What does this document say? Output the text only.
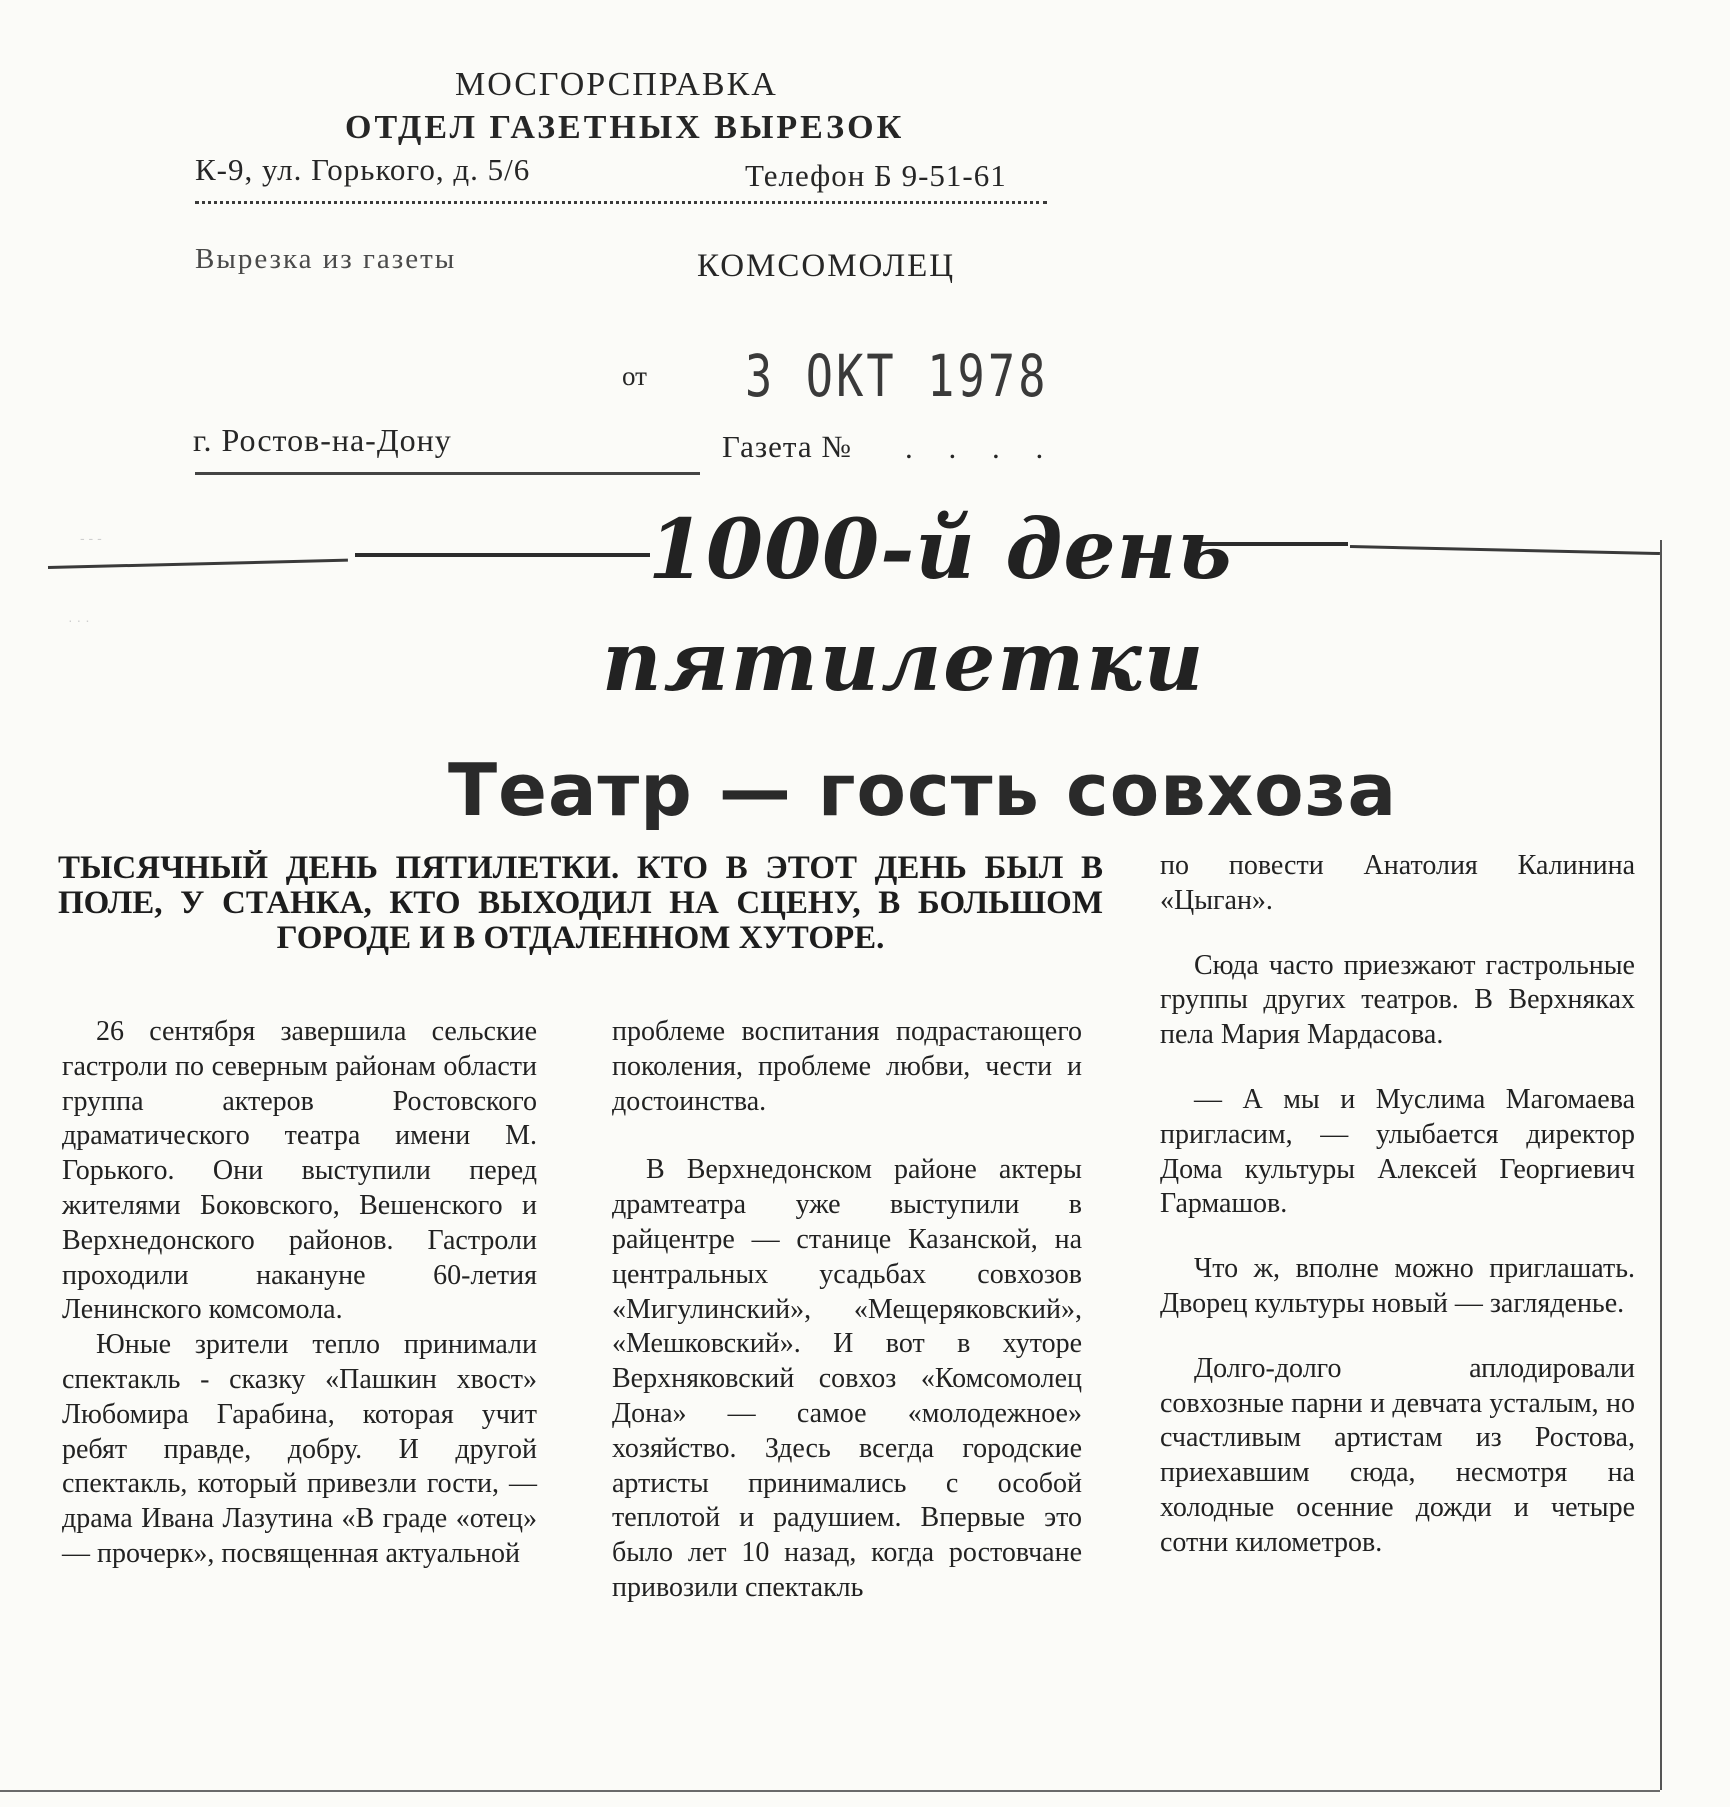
МОСГОРСПРАВКА
ОТДЕЛ ГАЗЕТНЫХ ВЫРЕЗОК
К-9, ул. Горького, д. 5/6	Телефон Б 9-51-61
Вырезка из газеты	КОМСОМОЛЕЦ
от 3 ОКТ 1978
г. Ростов-на-Дону	Газета № . . . .
- - -
· · ·
1000-й день
пятилетки
Театр — гость совхоза
ТЫСЯЧНЫЙ ДЕНЬ ПЯТИЛЕТКИ. КТО В ЭТОТ ДЕНЬ БЫЛ В ПОЛЕ, У СТАНКА, КТО ВЫХОДИЛ НА СЦЕНУ, В БОЛЬШОМ ГОРОДЕ И В ОТДАЛЕННОМ ХУТОРЕ.

26 сентября завершила сельские гастроли по северным районам области группа актеров Ростовского драматического театра имени М. Горького. Они выступили перед жителями Боковского, Вешенского и Верхнедонского районов. Гастроли проходили накануне 60-летия Ленинского комсомола.

Юные зрители тепло принимали спектакль - сказку «Пашкин хвост» Любомира Гарабина, которая учит ребят правде, добру. И другой спектакль, который привезли гости, — драма Ивана Лазутина «В граде «отец» — прочерк», посвященная актуальной

проблеме воспитания подрастающего поколения, проблеме любви, чести и достоинства.

В Верхнедонском районе актеры драмтеатра уже выступили в райцентре — станице Казанской, на центральных усадьбах совхозов «Мигулинский», «Мещеряковский», «Мешковский». И вот в хуторе Верхняковский совхоз «Комсомолец Дона» — самое «молодежное» хозяйство. Здесь всегда городские артисты принимались с особой теплотой и радушием. Впервые это было лет 10 назад, когда ростовчане привозили спектакль

по повести Анатолия Калинина «Цыган».

Сюда часто приезжают гастрольные группы других театров. В Верхняках пела Мария Мардасова.

— А мы и Муслима Магомаева пригласим, — улыбается директор Дома культуры Алексей Георгиевич Гармашов.

Что ж, вполне можно приглашать. Дворец культуры новый — загляденье.

Долго-долго аплодировали совхозные парни и девчата усталым, но счастливым артистам из Ростова, приехавшим сюда, несмотря на холодные осенние дожди и четыре сотни километров.
